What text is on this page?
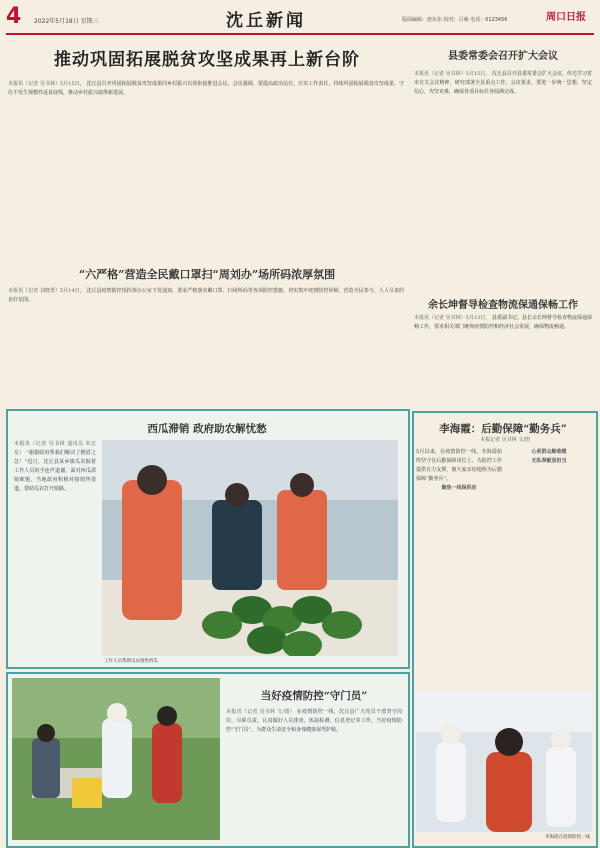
4 2022年5月18日 星期三	沈丘新闻	版面编辑：唐东东 校对：吕萌 电话：0123456	周口日报
推动巩固拓展脱贫攻坚成果再上新台阶
本报讯（记者 吴书林）5月15日， 沈丘县召开巩固拓展脱贫攻坚成果同乡村振兴有效衔接推进会议。会议强调，要提高政治站位，压实工作责任，持续巩固拓展脱贫攻坚成果，守住不发生规模性返贫底线，推动乡村振兴取得新进展。
县委常委会召开扩大会议
本报讯（记者 吴书林）5月15日， 沈丘县召开县委常委会扩大会议，传达学习省市有关会议精神，研究部署全县重点工作。会议要求，要进一步统一思想，坚定信心，攻坚克难，确保各项目标任务圆满完成。
“六严格”营造全民戴口罩扫“周刘办”场所码浓厚氛围
本报讯（记者 刘晓勇）5月14日， 沈丘县疫情防控指挥部办公室下发通知，要求严格落实戴口罩、扫场所码等各项防控措施，切实筑牢疫情防控屏障，营造全民参与、人人尽责的良好氛围。	余长坤督导检查物流保通保畅工作
本报讯（记者 吴书林）5月13日， 县委副书记、县长余长坤督导检查物流保通保畅工作，要求相关部门统筹疫情防控和经济社会发展，确保物流畅通。
西瓜滞销 政府助农解忧愁
本报讯（记者 吴书林 通讯员 朱宏星） “谢谢政府帮我们解决了燃眉之急！”近日，沈丘县某乡镇瓜农握着工作人员的手连声道谢。面对西瓜滞销难题，当地政府积极对接销售渠道，帮助瓜农打开销路。
工作人员帮助瓜农销售西瓜
当好疫情防控“守门员”
本报讯（记者 吴书林 文/图） 在疫情防控一线，沈丘县广大党员干部坚守岗位、尽职尽责，认真做好人员排查、体温检测、信息登记等工作，当好疫情防控“守门员”，为群众生命安全和身体健康保驾护航。
李海霞：后勤保障“勤务兵”
本报记者 吴书林 文/图
5月以来，在疫情防控一线，李海霞始终坚守在后勤保障岗位上，为防控工作提供有力支撑，被大家亲切地称为后勤保障“勤务兵”。
聚焦一线保供应
心系群众解难题
无私奉献显担当
李海霞在疫情防控一线
